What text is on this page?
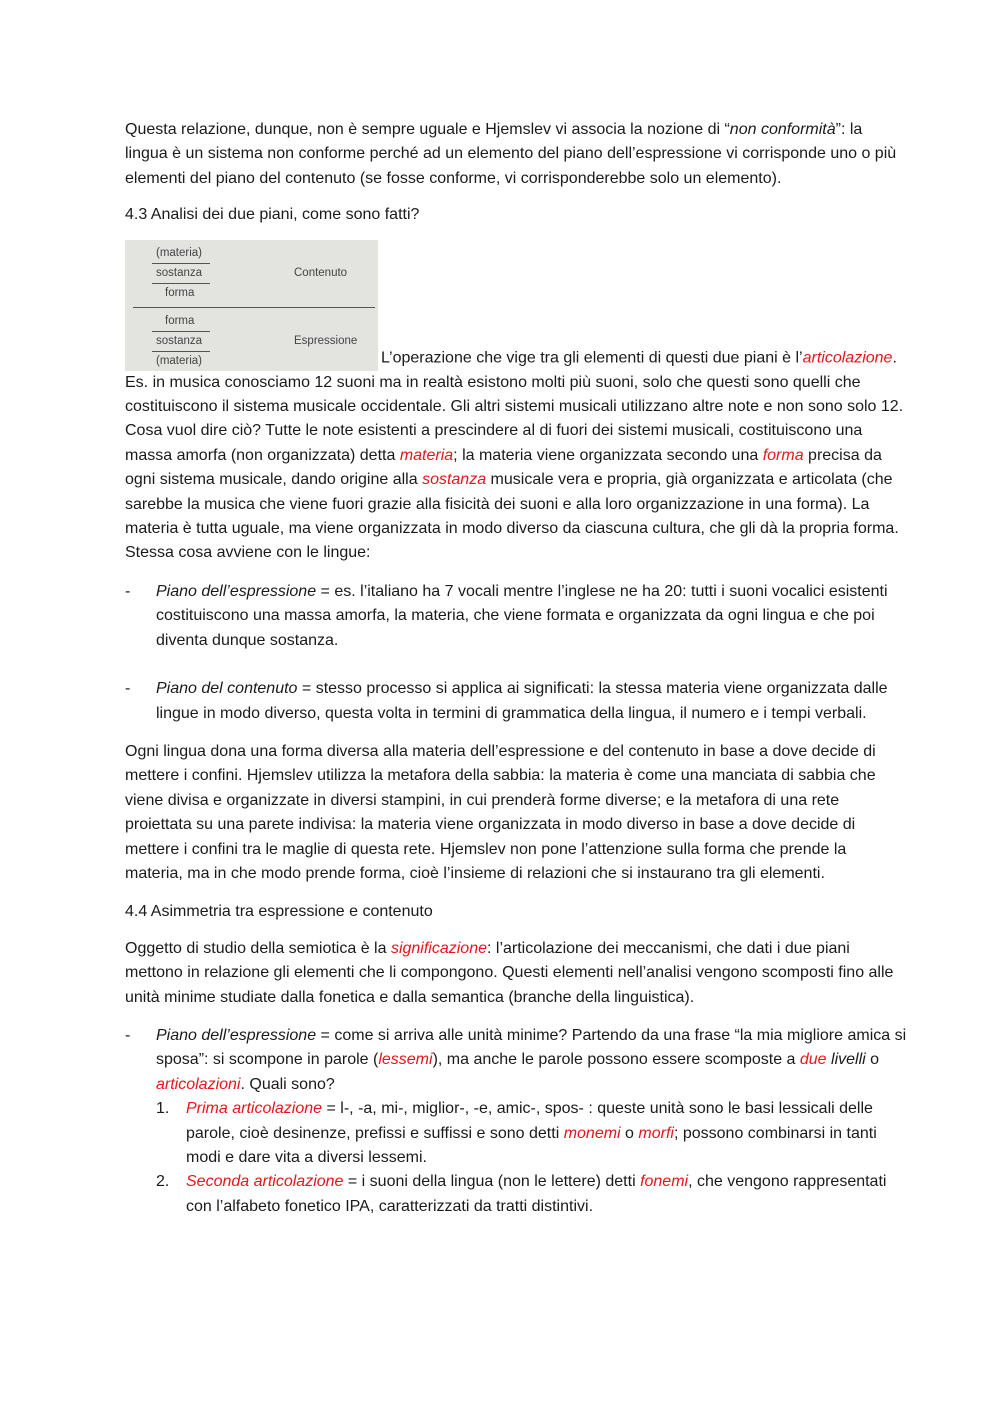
Questa relazione, dunque, non è sempre uguale e Hjemslev vi associa la nozione di “non conformità”: la lingua è un sistema non conforme perché ad un elemento del piano dell’espressione vi corrisponde uno o più elementi del piano del contenuto (se fosse conforme, vi corrisponderebbe solo un elemento).

4.3 Analisi dei due piani, come sono fatti?

(materia)
sostanza
forma
Contenuto
forma
sostanza
(materia)
Espressione
L’operazione che vige tra gli elementi di questi due piani è l’articolazione. Es. in musica conosciamo 12 suoni ma in realtà esistono molti più suoni, solo che questi sono quelli che costituiscono il sistema musicale occidentale. Gli altri sistemi musicali utilizzano altre note e non sono solo 12. Cosa vuol dire ciò? Tutte le note esistenti a prescindere al di fuori dei sistemi musicali, costituiscono una massa amorfa (non organizzata) detta materia; la materia viene organizzata secondo una forma precisa da ogni sistema musicale, dando origine alla sostanza musicale vera e propria, già organizzata e articolata (che sarebbe la musica che viene fuori grazie alla fisicità dei suoni e alla loro organizzazione in una forma). La materia è tutta uguale, ma viene organizzata in modo diverso da ciascuna cultura, che gli dà la propria forma. Stessa cosa avviene con le lingue:

- Piano dell’espressione = es. l’italiano ha 7 vocali mentre l’inglese ne ha 20: tutti i suoni vocalici esistenti costituiscono una massa amorfa, la materia, che viene formata e organizzata da ogni lingua e che poi diventa dunque sostanza.
- Piano del contenuto = stesso processo si applica ai significati: la stessa materia viene organizzata dalle lingue in modo diverso, questa volta in termini di grammatica della lingua, il numero e i tempi verbali.

Ogni lingua dona una forma diversa alla materia dell’espressione e del contenuto in base a dove decide di mettere i confini. Hjemslev utilizza la metafora della sabbia: la materia è come una manciata di sabbia che viene divisa e organizzate in diversi stampini, in cui prenderà forme diverse; e la metafora di una rete proiettata su una parete indivisa: la materia viene organizzata in modo diverso in base a dove decide di mettere i confini tra le maglie di questa rete. Hjemslev non pone l’attenzione sulla forma che prende la materia, ma in che modo prende forma, cioè l’insieme di relazioni che si instaurano tra gli elementi.

4.4 Asimmetria tra espressione e contenuto

Oggetto di studio della semiotica è la significazione: l’articolazione dei meccanismi, che dati i due piani mettono in relazione gli elementi che li compongono. Questi elementi nell’analisi vengono scomposti fino alle unità minime studiate dalla fonetica e dalla semantica (branche della linguistica).

- Piano dell’espressione = come si arriva alle unità minime? Partendo da una frase “la mia migliore amica si sposa”: si scompone in parole (lessemi), ma anche le parole possono essere scomposte a due livelli o articolazioni. Quali sono?
1. Prima articolazione = l-, -a, mi-, miglior-, -e, amic-, spos- : queste unità sono le basi lessicali delle parole, cioè desinenze, prefissi e suffissi e sono detti monemi o morfi; possono combinarsi in tanti modi e dare vita a diversi lessemi.
2. Seconda articolazione = i suoni della lingua (non le lettere) detti fonemi, che vengono rappresentati con l’alfabeto fonetico IPA, caratterizzati da tratti distintivi.
